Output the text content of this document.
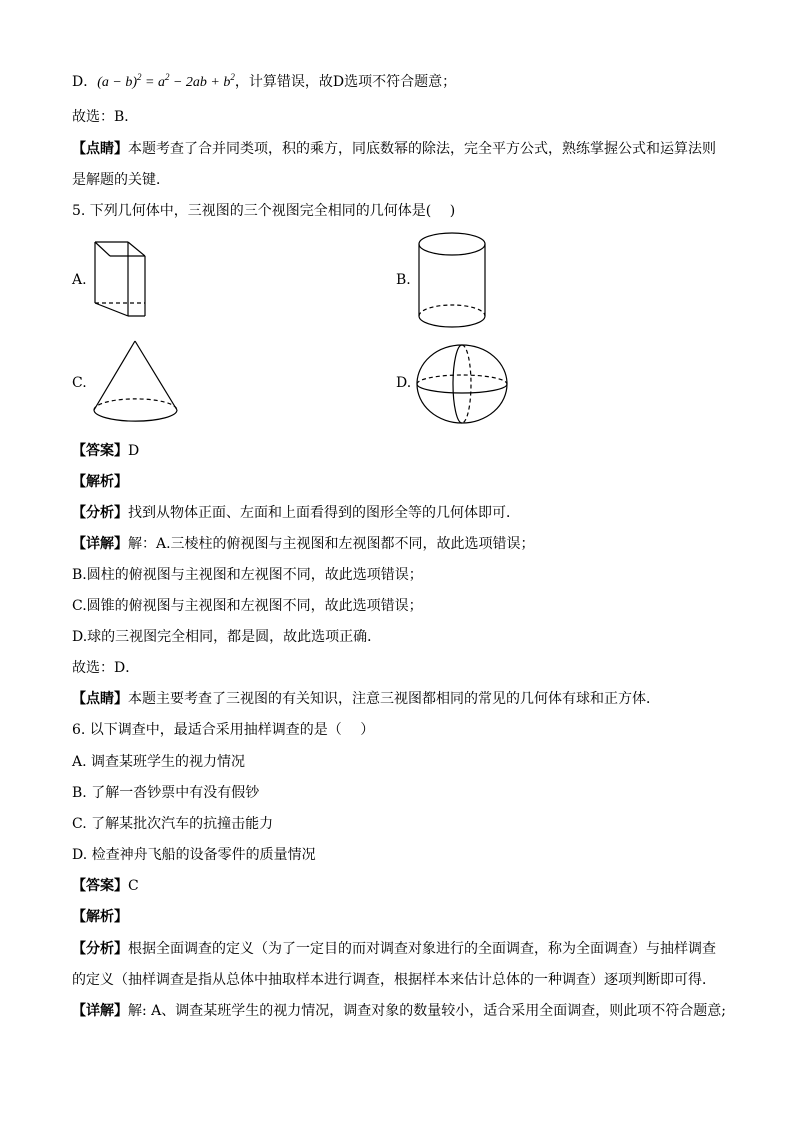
D．$(a - b)^2 = a^2 - 2ab + b^2$，计算错误，故D选项不符合题意；
故选：B．
【点睛】本题考查了合并同类项，积的乘方，同底数幂的除法，完全平方公式，熟练掌握公式和运算法则
是解题的关键．
5. 下列几何体中，三视图的三个视图完全相同的几何体是(　 )
A.	B.
C.	D.
【答案】D
【解析】
【分析】找到从物体正面、左面和上面看得到的图形全等的几何体即可．
【详解】解：A.三棱柱的俯视图与主视图和左视图都不同，故此选项错误；
B.圆柱的俯视图与主视图和左视图不同，故此选项错误；
C.圆锥的俯视图与主视图和左视图不同，故此选项错误；
D.球的三视图完全相同，都是圆，故此选项正确．
故选：D．
【点睛】本题主要考查了三视图的有关知识，注意三视图都相同的常见的几何体有球和正方体．
6. 以下调查中，最适合采用抽样调查的是（　 ）
A. 调查某班学生的视力情况
B. 了解一沓钞票中有没有假钞
C. 了解某批次汽车的抗撞击能力
D. 检查神舟飞船的设备零件的质量情况
【答案】C
【解析】
【分析】根据全面调查的定义（为了一定目的而对调查对象进行的全面调查，称为全面调查）与抽样调查
的定义（抽样调查是指从总体中抽取样本进行调查，根据样本来估计总体的一种调查）逐项判断即可得．
【详解】解: A、调查某班学生的视力情况，调查对象的数量较小，适合采用全面调查，则此项不符合题意;
